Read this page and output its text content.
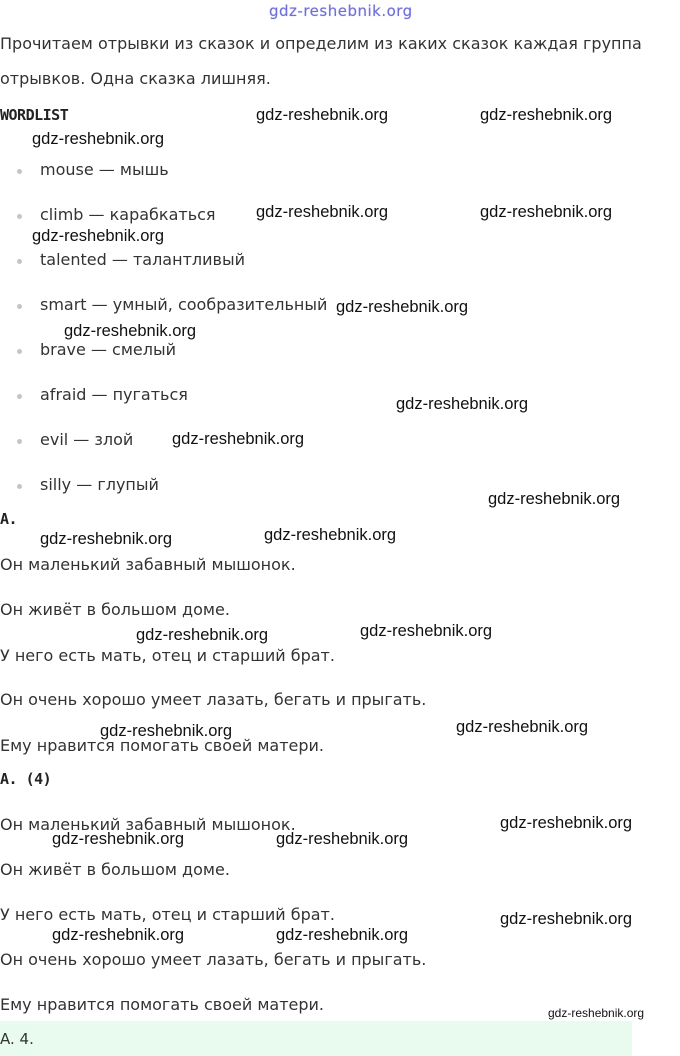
gdz-reshebnik.org
Прочитаем отрывки из сказок и определим из каких сказок каждая группа
отрывков. Одна сказка лишняя.
WORDLIST
mouse — мышь
climb — карабкаться
talented — талантливый
smart — умный, сообразительный
brave — смелый
afraid — пугаться
evil — злой
silly — глупый
A.
Он маленький забавный мышонок.
Он живёт в большом доме.
У него есть мать, отец и старший брат.
Он очень хорошо умеет лазать, бегать и прыгать.
Ему нравится помогать своей матери.
A. (4)
Он маленький забавный мышонок.
Он живёт в большом доме.
У него есть мать, отец и старший брат.
Он очень хорошо умеет лазать, бегать и прыгать.
Ему нравится помогать своей матери.
A. 4.
gdz-reshebnik.org	gdz-reshebnik.org
gdz-reshebnik.org
gdz-reshebnik.org	gdz-reshebnik.org
gdz-reshebnik.org
gdz-reshebnik.org
gdz-reshebnik.org
gdz-reshebnik.org
gdz-reshebnik.org
gdz-reshebnik.org
gdz-reshebnik.org	gdz-reshebnik.org
gdz-reshebnik.org	gdz-reshebnik.org
gdz-reshebnik.org	gdz-reshebnik.org
gdz-reshebnik.org
gdz-reshebnik.org	gdz-reshebnik.org
gdz-reshebnik.org
gdz-reshebnik.org	gdz-reshebnik.org
gdz-reshebnik.org
